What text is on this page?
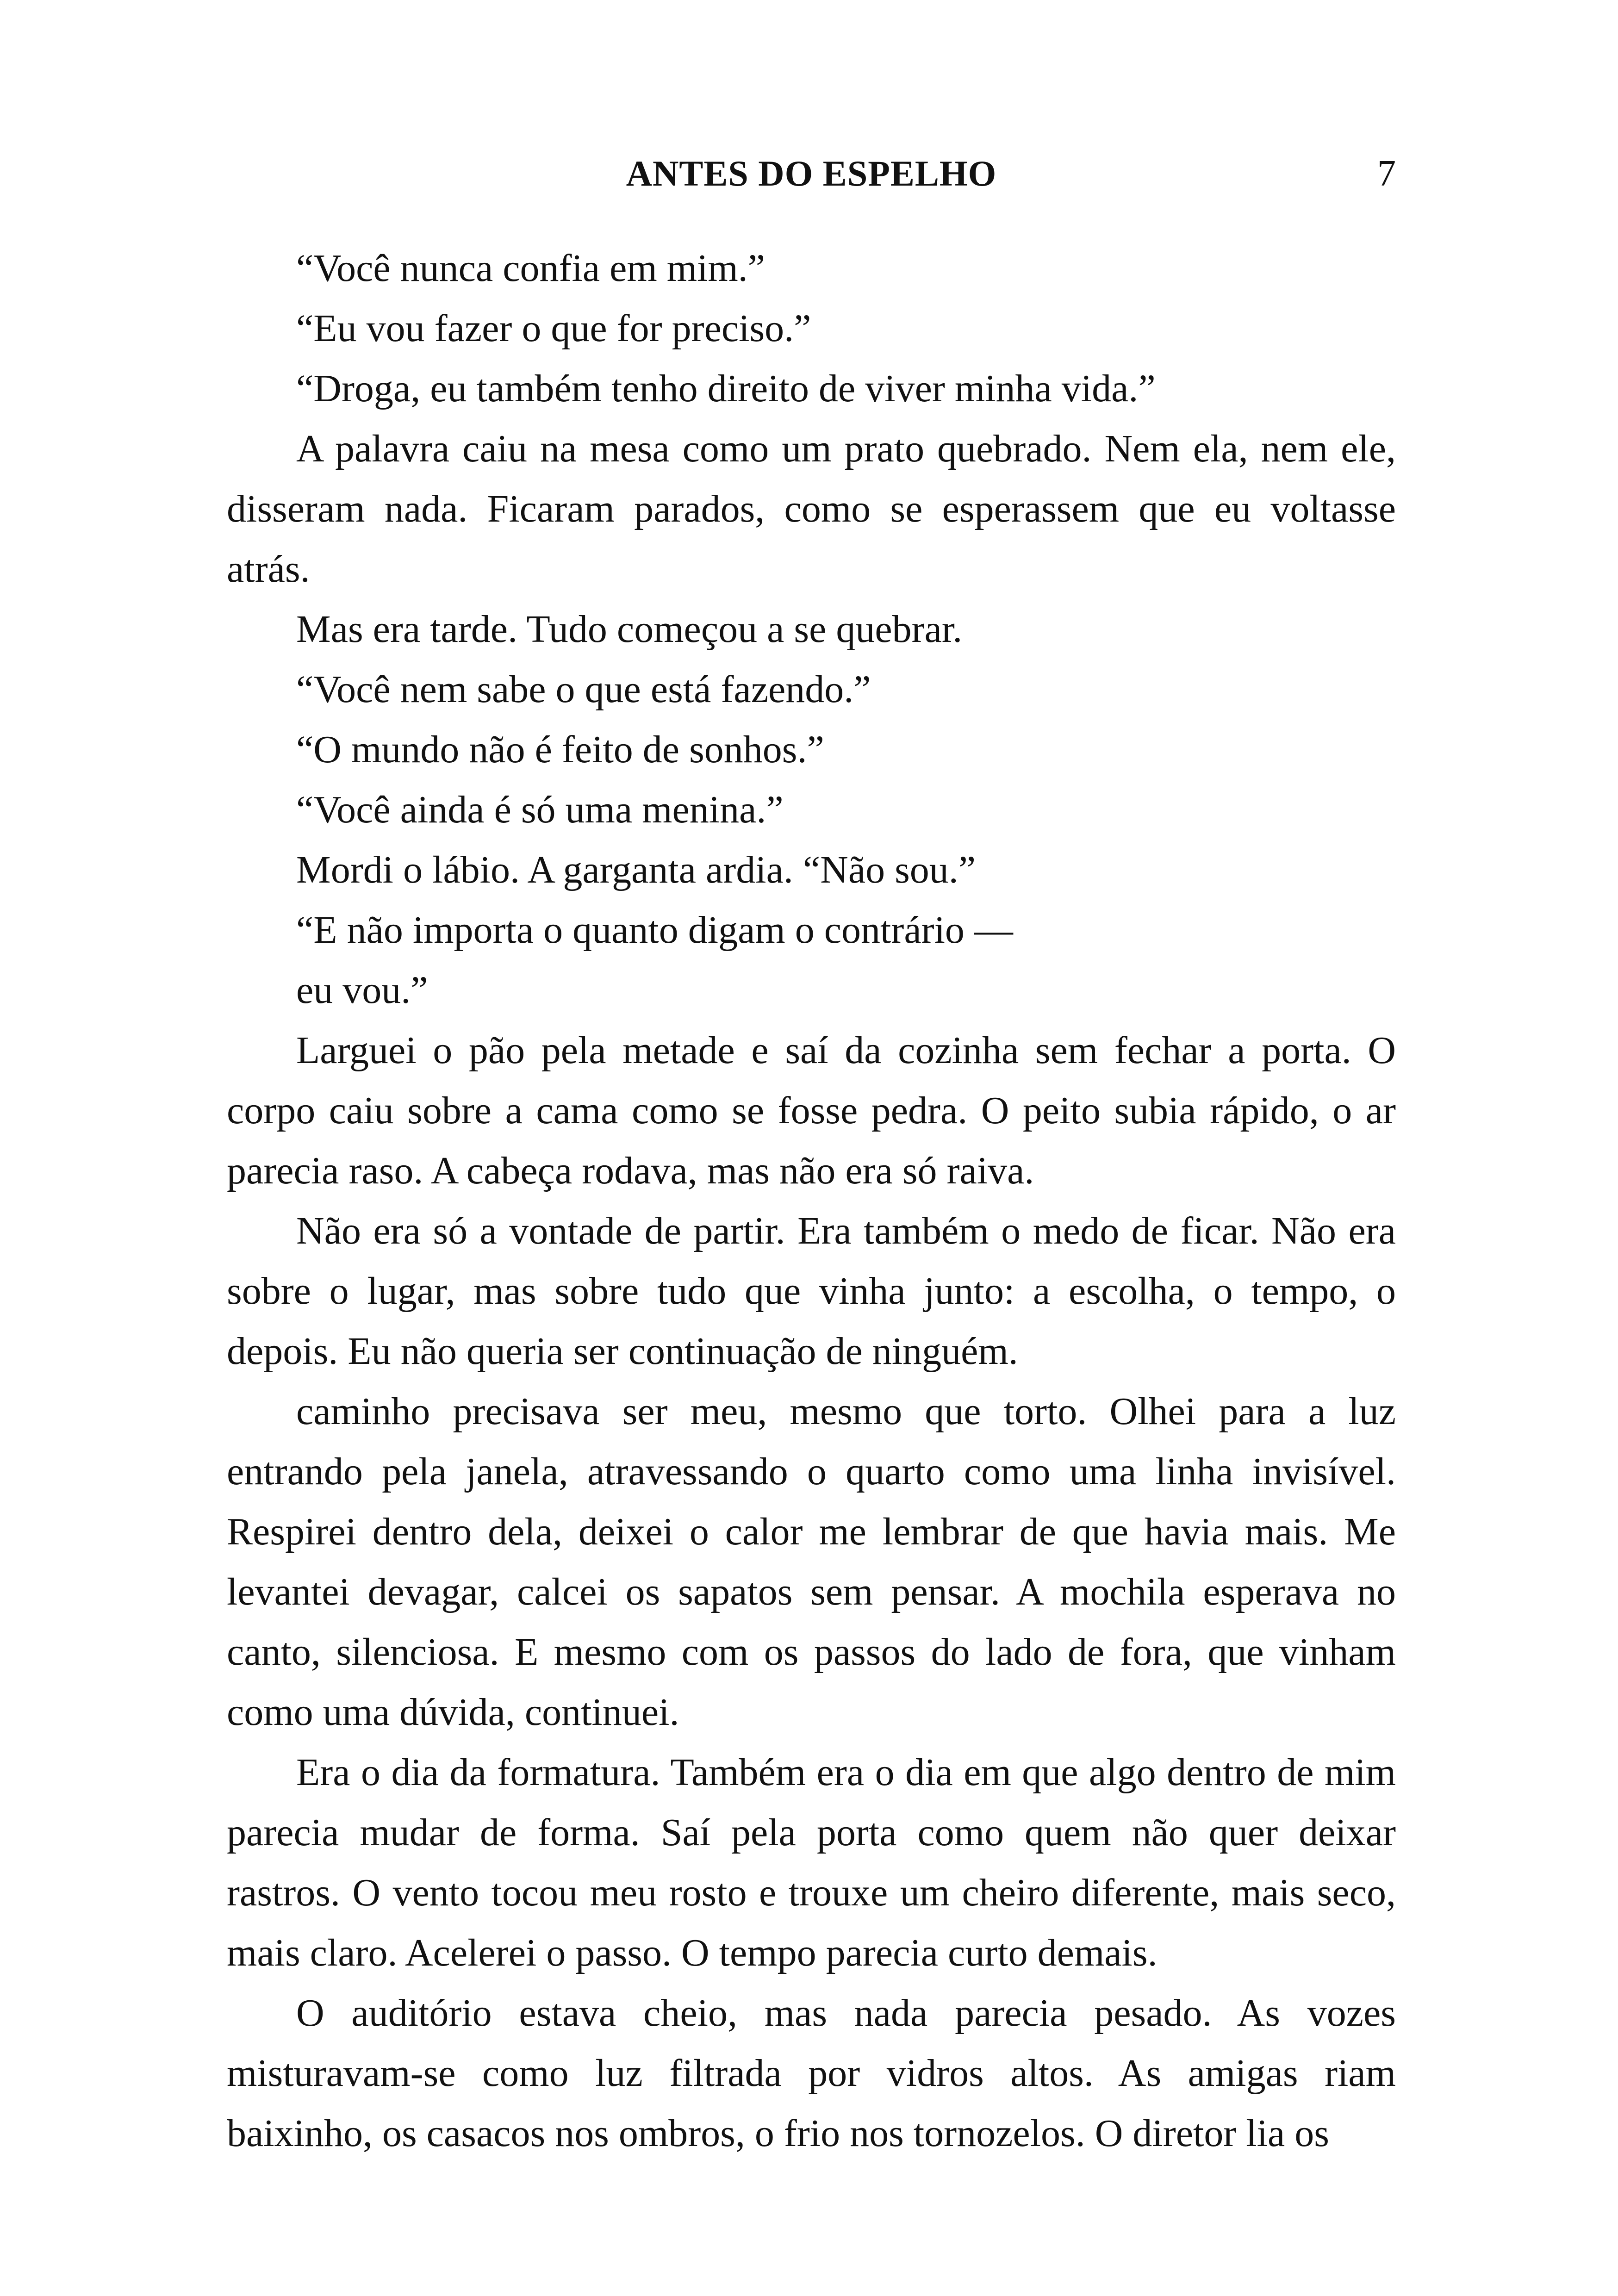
ANTES DO ESPELHO	7

“Você nunca confia em mim.”

“Eu vou fazer o que for preciso.”

“Droga, eu também tenho direito de viver minha vida.”

A palavra caiu na mesa como um prato quebrado. Nem ela, nem ele, disseram nada. Ficaram parados, como se esperassem que eu voltasse atrás.

Mas era tarde. Tudo começou a se quebrar.

“Você nem sabe o que está fazendo.”

“O mundo não é feito de sonhos.”

“Você ainda é só uma menina.”

Mordi o lábio. A garganta ardia. “Não sou.”

“E não importa o quanto digam o contrário —

eu vou.”

Larguei o pão pela metade e saí da cozinha sem fechar a porta. O corpo caiu sobre a cama como se fosse pedra. O peito subia rápido, o ar parecia raso. A cabeça rodava, mas não era só raiva.

Não era só a vontade de partir. Era também o medo de ficar. Não era sobre o lugar, mas sobre tudo que vinha junto: a escolha, o tempo, o depois. Eu não queria ser continuação de ninguém.

caminho precisava ser meu, mesmo que torto. Olhei para a luz entrando pela janela, atravessando o quarto como uma linha invisível. Respirei dentro dela, deixei o calor me lembrar de que havia mais. Me levantei devagar, calcei os sapatos sem pensar. A mochila esperava no canto, silenciosa. E mesmo com os passos do lado de fora, que vinham como uma dúvida, continuei.

Era o dia da formatura. Também era o dia em que algo dentro de mim parecia mudar de forma. Saí pela porta como quem não quer deixar rastros. O vento tocou meu rosto e trouxe um cheiro diferente, mais seco, mais claro. Acelerei o passo. O tempo parecia curto demais.

O auditório estava cheio, mas nada parecia pesado. As vozes misturavam-se como luz filtrada por vidros altos. As amigas riam baixinho, os casacos nos ombros, o frio nos tornozelos. O diretor lia os
